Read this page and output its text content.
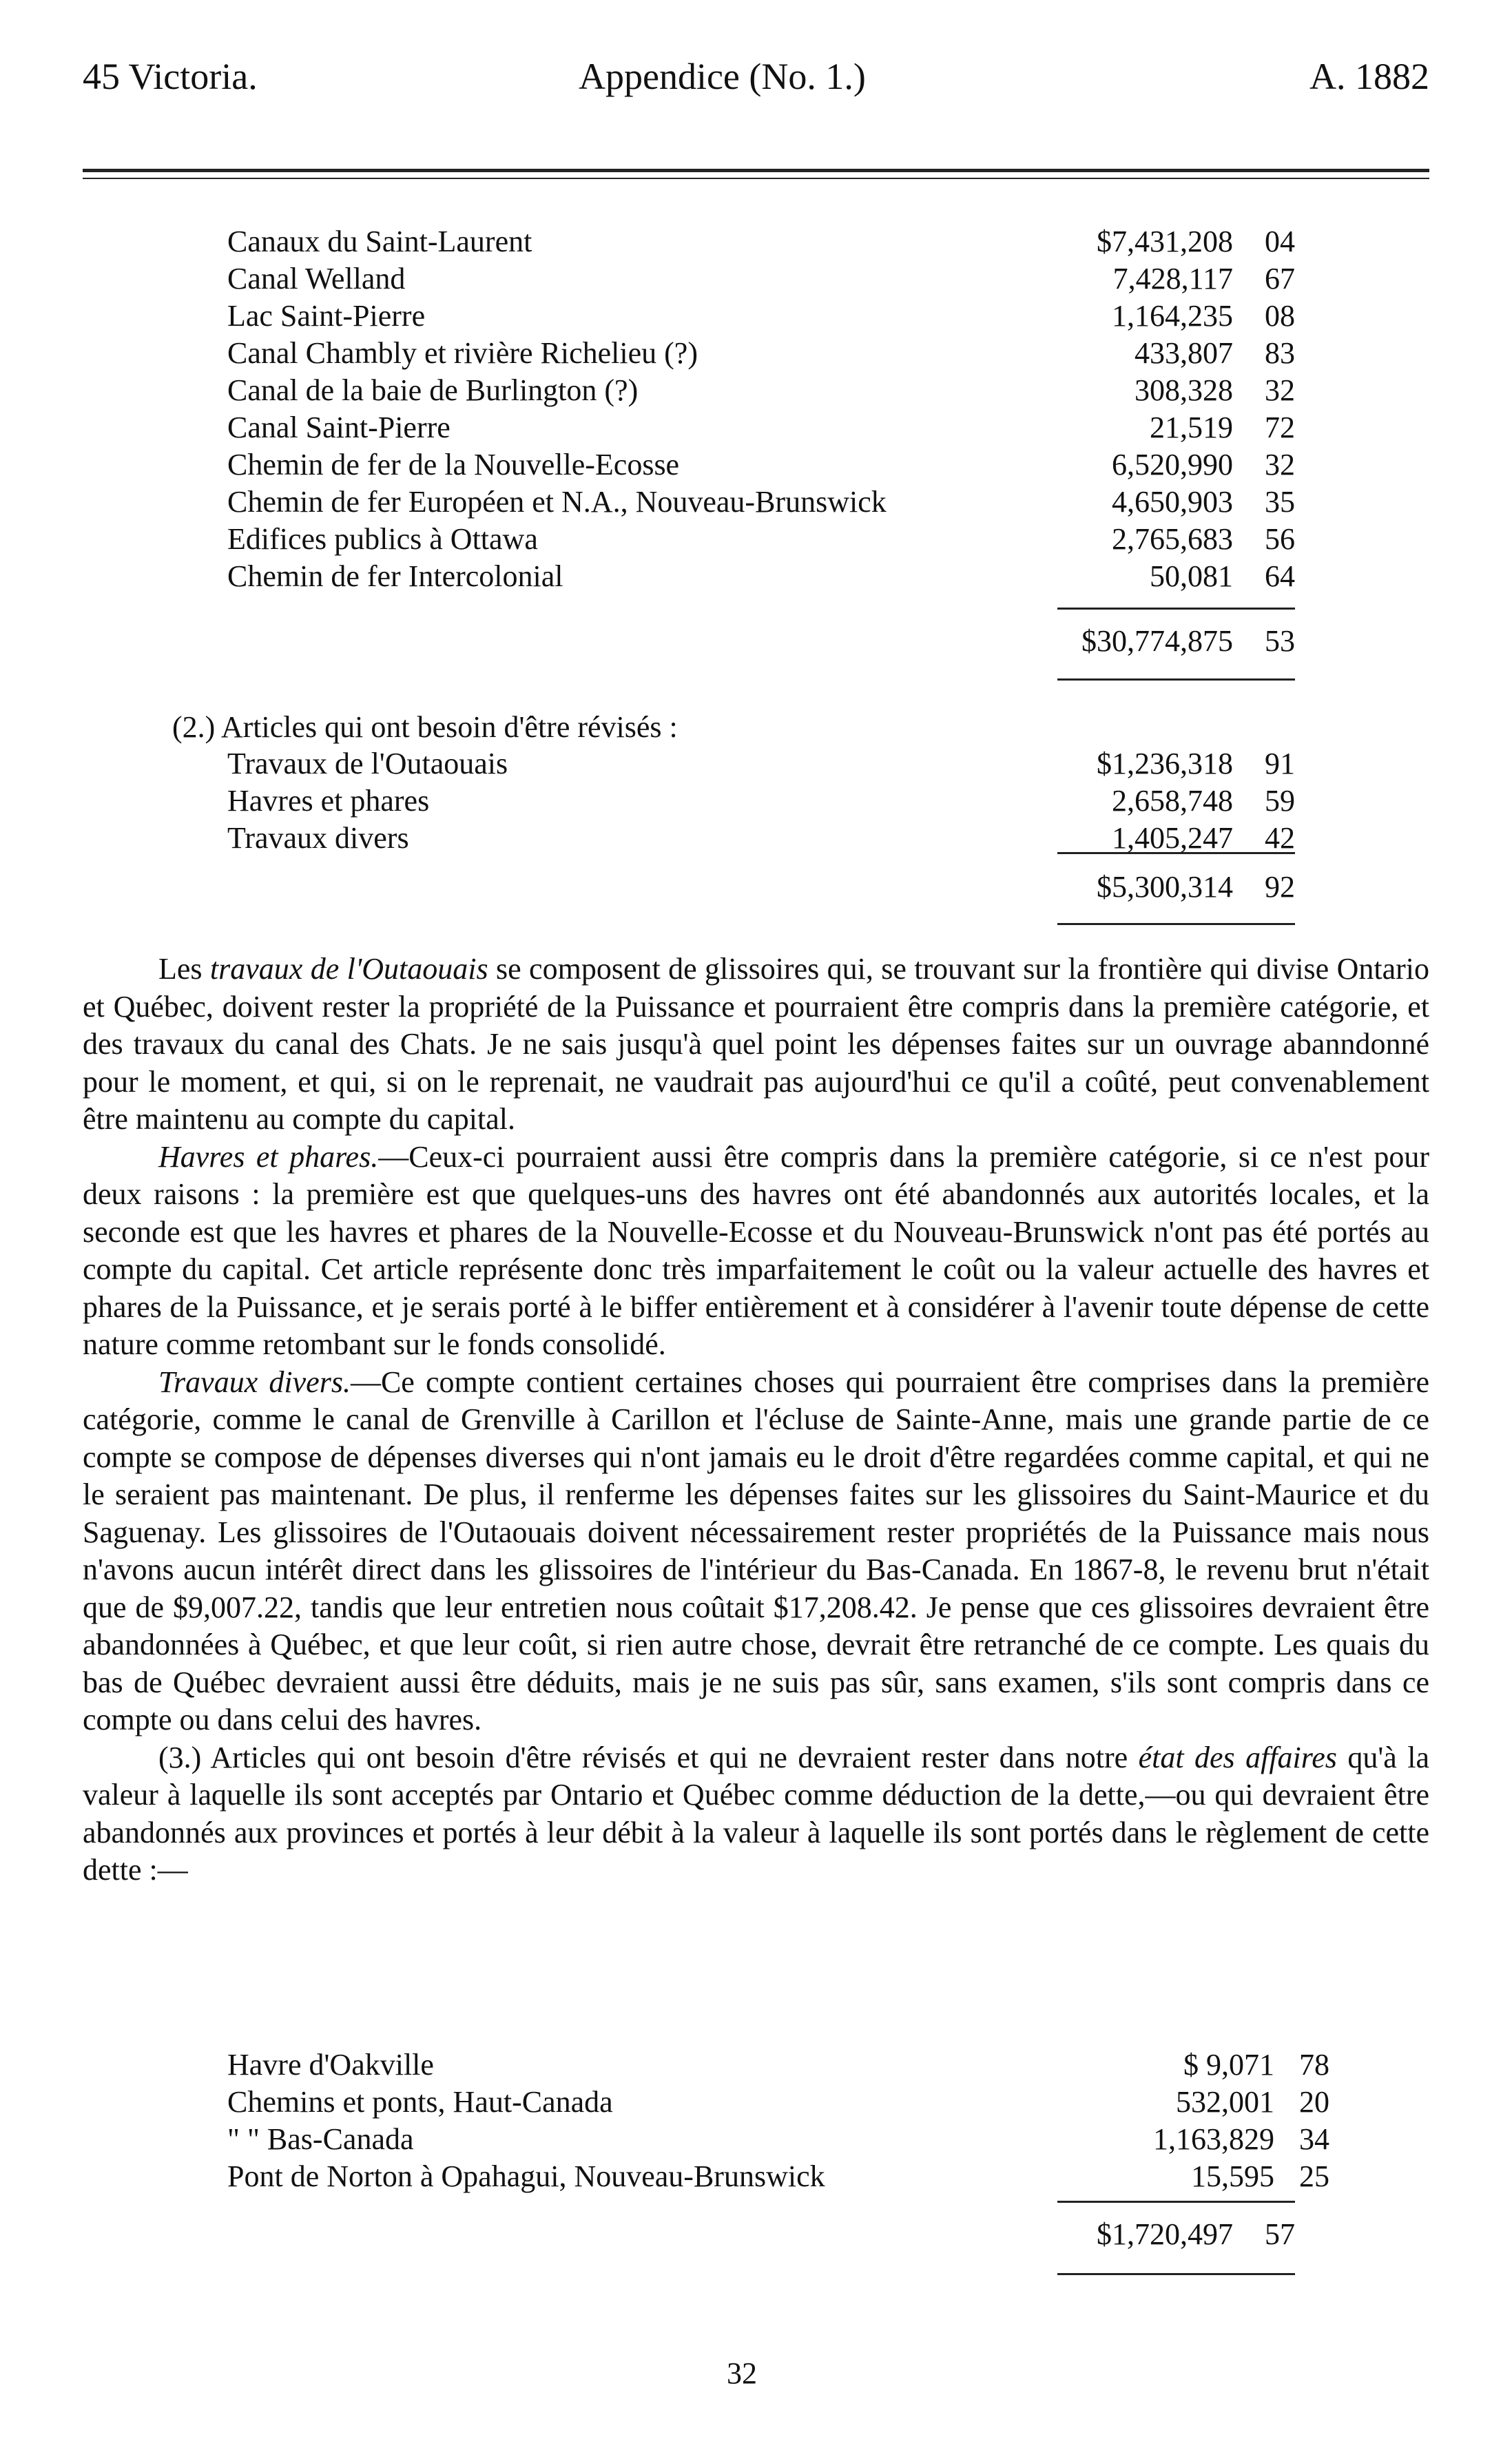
45 Victoria.	Appendice (No. 1.)	A. 1882
Canaux du Saint-Laurent . . .	$7,431,208	04
Canal Welland . . .	7,428,117	67
Lac Saint-Pierre . . .	1,164,235	08
Canal Chambly et rivière Richelieu (?) . . .	433,807	83
Canal de la baie de Burlington (?) . . .	308,328	32
Canal Saint-Pierre . . .	21,519	72
Chemin de fer de la Nouvelle-Ecosse . . .	6,520,990	32
Chemin de fer Européen et N.A., Nouveau-Brunswick . . .	4,650,903	35
Edifices publics à Ottawa . . .	2,765,683	56
Chemin de fer Intercolonial . . .	50,081	64
$30,774,875	53
(2.) Articles qui ont besoin d'être révisés :
Travaux de l'Outaouais . . .	$1,236,318	91
Havres et phares . . .	2,658,748	59
Travaux divers . . .	1,405,247	42
$5,300,314	92

Les travaux de l'Outaouais se composent de glissoires qui, se trouvant sur la frontière qui divise Ontario et Québec, doivent rester la propriété de la Puissance et pourraient être compris dans la première catégorie, et des travaux du canal des Chats. Je ne sais jusqu'à quel point les dépenses faites sur un ouvrage abanndonné pour le moment, et qui, si on le reprenait, ne vaudrait pas aujourd'hui ce qu'il a coûté, peut convenablement être maintenu au compte du capital.

Havres et phares.—Ceux-ci pourraient aussi être compris dans la première catégorie, si ce n'est pour deux raisons : la première est que quelques-uns des havres ont été abandonnés aux autorités locales, et la seconde est que les havres et phares de la Nouvelle-Ecosse et du Nouveau-Brunswick n'ont pas été portés au compte du capital. Cet article représente donc très imparfaitement le coût ou la valeur actuelle des havres et phares de la Puissance, et je serais porté à le biffer entièrement et à considérer à l'avenir toute dépense de cette nature comme retombant sur le fonds consolidé.

Travaux divers.—Ce compte contient certaines choses qui pourraient être comprises dans la première catégorie, comme le canal de Grenville à Carillon et l'écluse de Sainte-Anne, mais une grande partie de ce compte se compose de dépenses diverses qui n'ont jamais eu le droit d'être regardées comme capital, et qui ne le seraient pas maintenant. De plus, il renferme les dépenses faites sur les glissoires du Saint-Maurice et du Saguenay. Les glissoires de l'Outaouais doivent nécessairement rester propriétés de la Puissance mais nous n'avons aucun intérêt direct dans les glissoires de l'intérieur du Bas-Canada. En 1867-8, le revenu brut n'était que de $9,007.22, tandis que leur entretien nous coûtait $17,208.42. Je pense que ces glissoires devraient être abandonnées à Québec, et que leur coût, si rien autre chose, devrait être retranché de ce compte. Les quais du bas de Québec devraient aussi être déduits, mais je ne suis pas sûr, sans examen, s'ils sont compris dans ce compte ou dans celui des havres.

(3.) Articles qui ont besoin d'être révisés et qui ne devraient rester dans notre état des affaires qu'à la valeur à laquelle ils sont acceptés par Ontario et Québec comme déduction de la dette,—ou qui devraient être abandonnés aux provinces et portés à leur débit à la valeur à laquelle ils sont portés dans le règlement de cette dette :—

Havre d'Oakville . . .	$ 9,071 78
Chemins et ponts, Haut-Canada . . .	532,001 20
" " Bas-Canada . . .	1,163,829 34
Pont de Norton à Opahagui, Nouveau-Brunswick . . .	15,595 25
$1,720,497	57
32
